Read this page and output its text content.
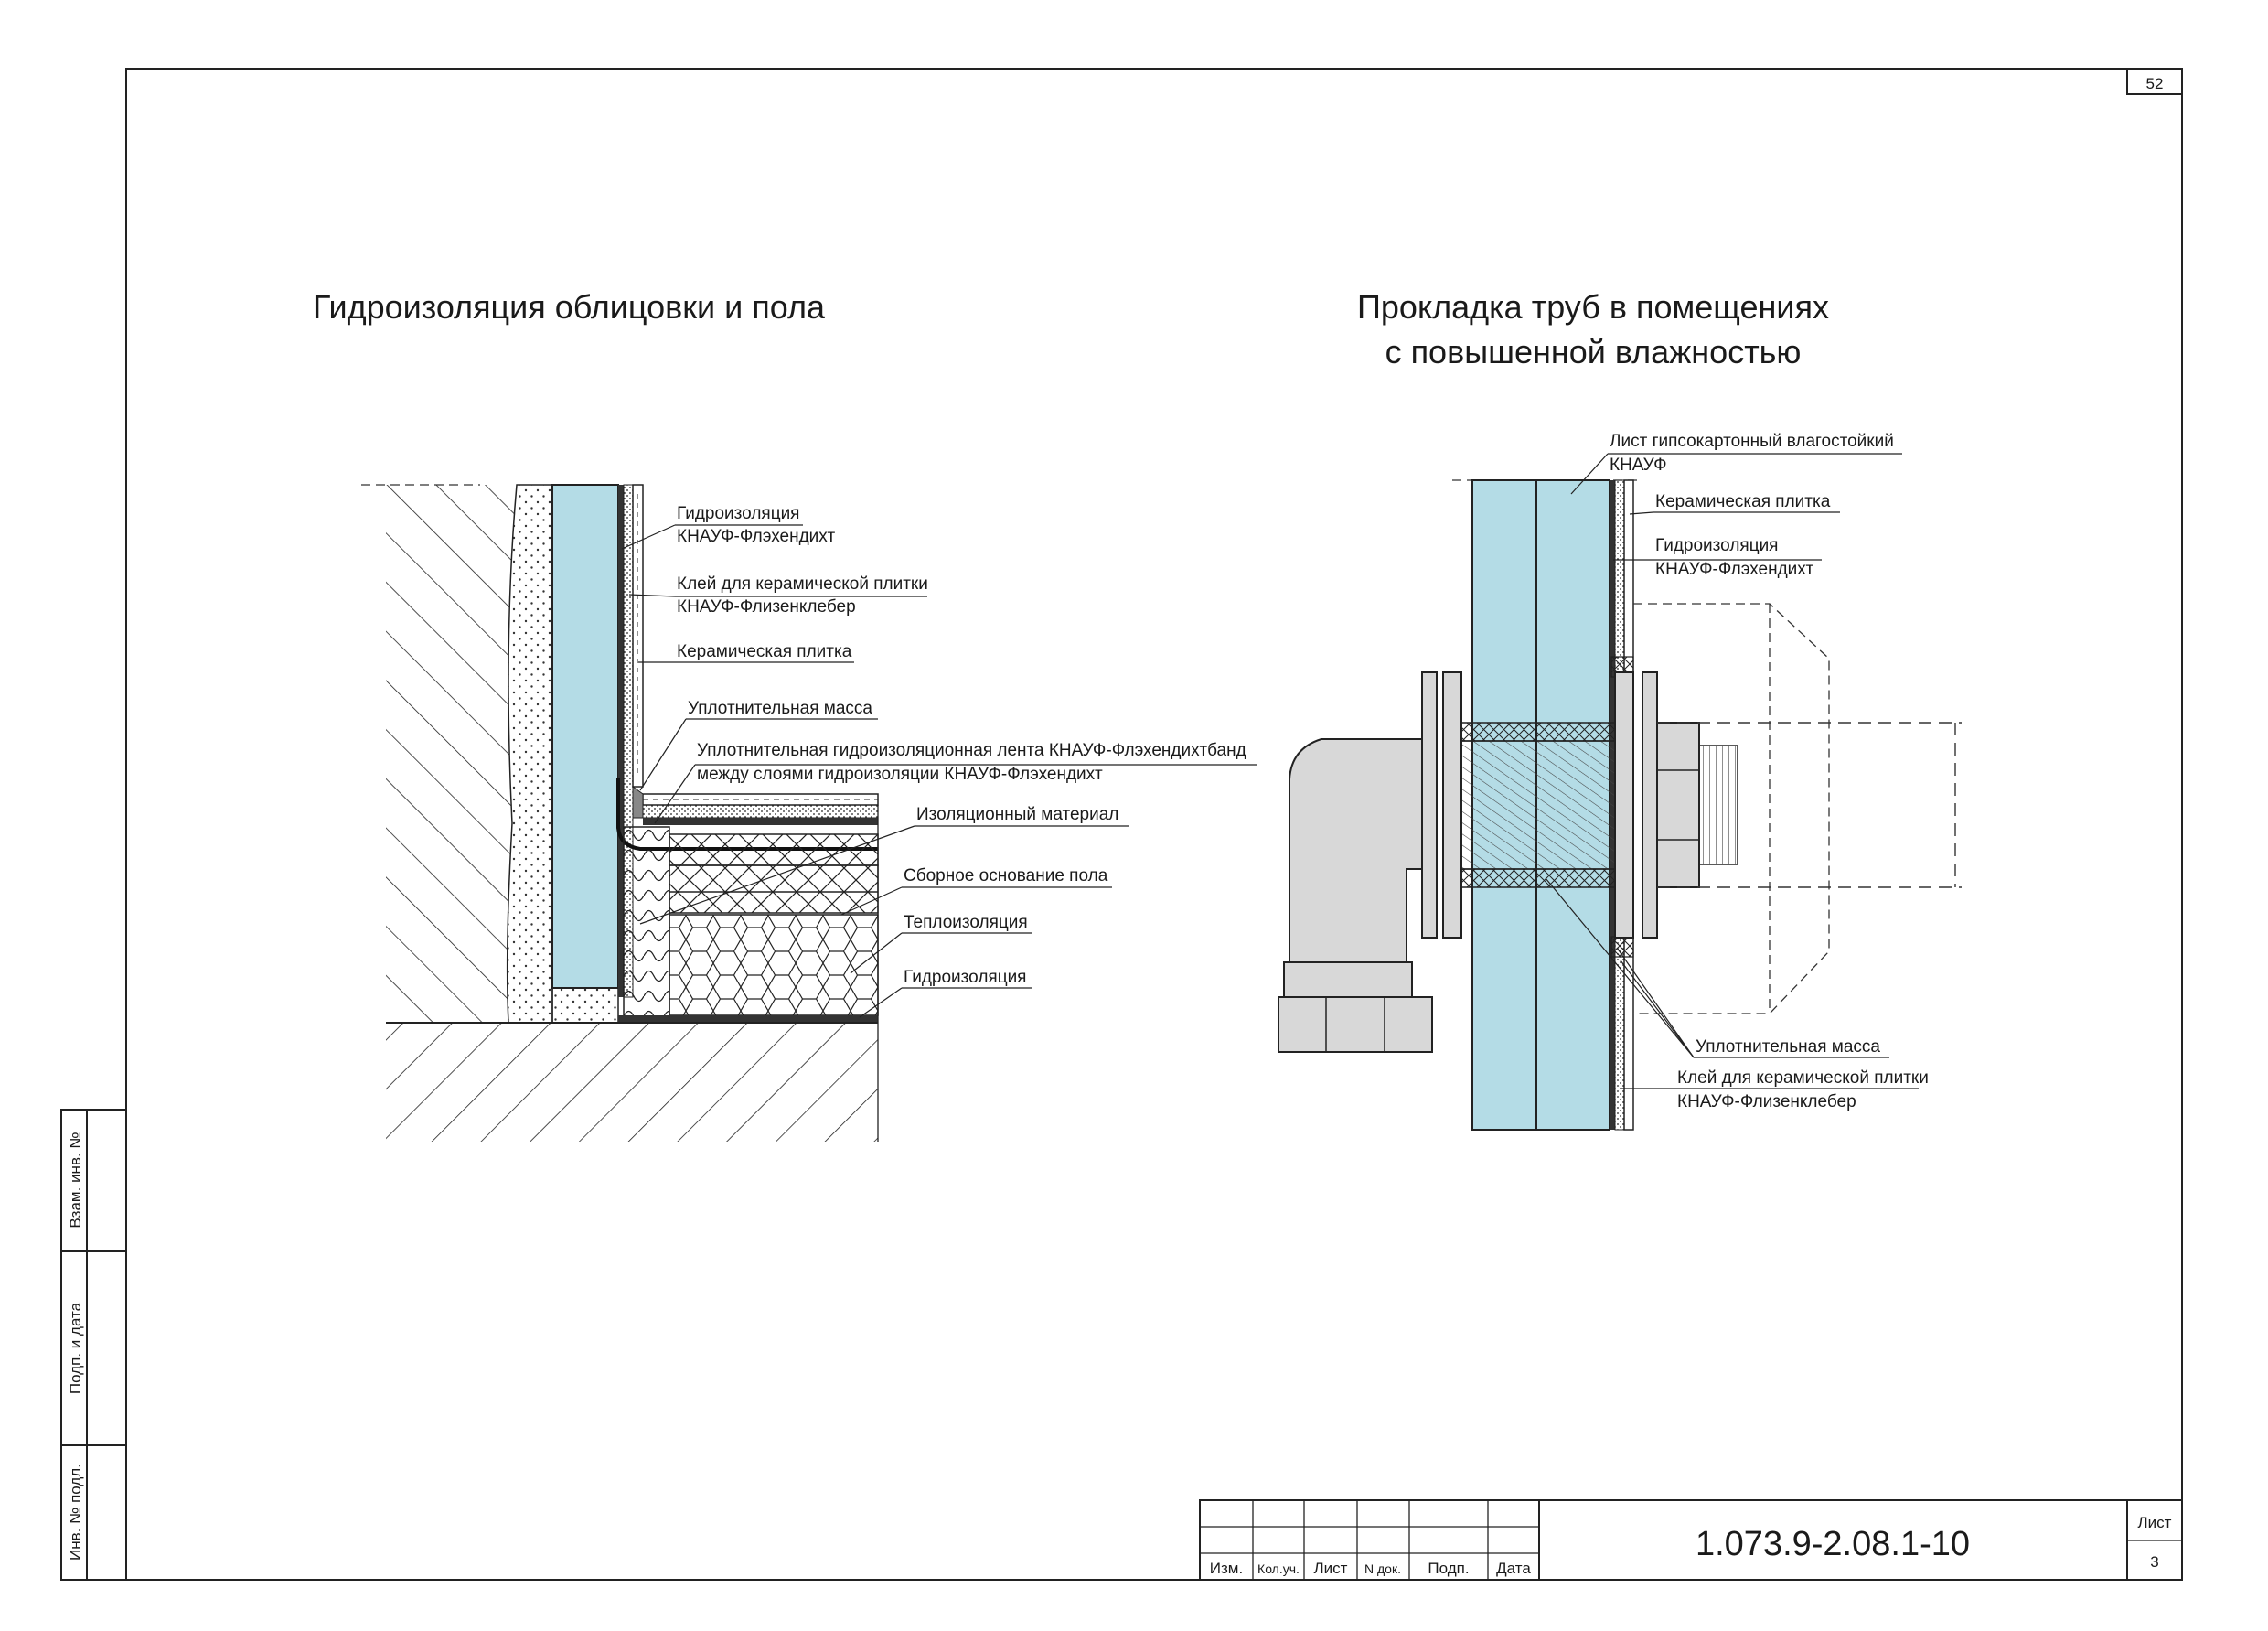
52
Взам. инв. №
Подп. и дата
Инв. № подл.
Изм. Кол.уч. Лист N док. Подп. Дата
1.073.9-2.08.1-10
Лист
3
Гидроизоляция облицовки и пола	Прокладка труб в помещениях
с повышенной влажностью
Гидроизоляция
КНАУФ-Флэхендихт
Клей для керамической плитки
КНАУФ-Флизенклебер
Керамическая плитка
Уплотнительная масса
Уплотнительная гидроизоляционная лента КНАУФ-Флэхендихтбанд
между слоями гидроизоляции КНАУФ-Флэхендихт
Изоляционный материал
Сборное основание пола
Теплоизоляция
Гидроизоляция
Лист гипсокартонный влагостойкий
КНАУФ
Керамическая плитка
Гидроизоляция
КНАУФ-Флэхендихт
Уплотнительная масса
Клей для керамической плитки
КНАУФ-Флизенклебер
